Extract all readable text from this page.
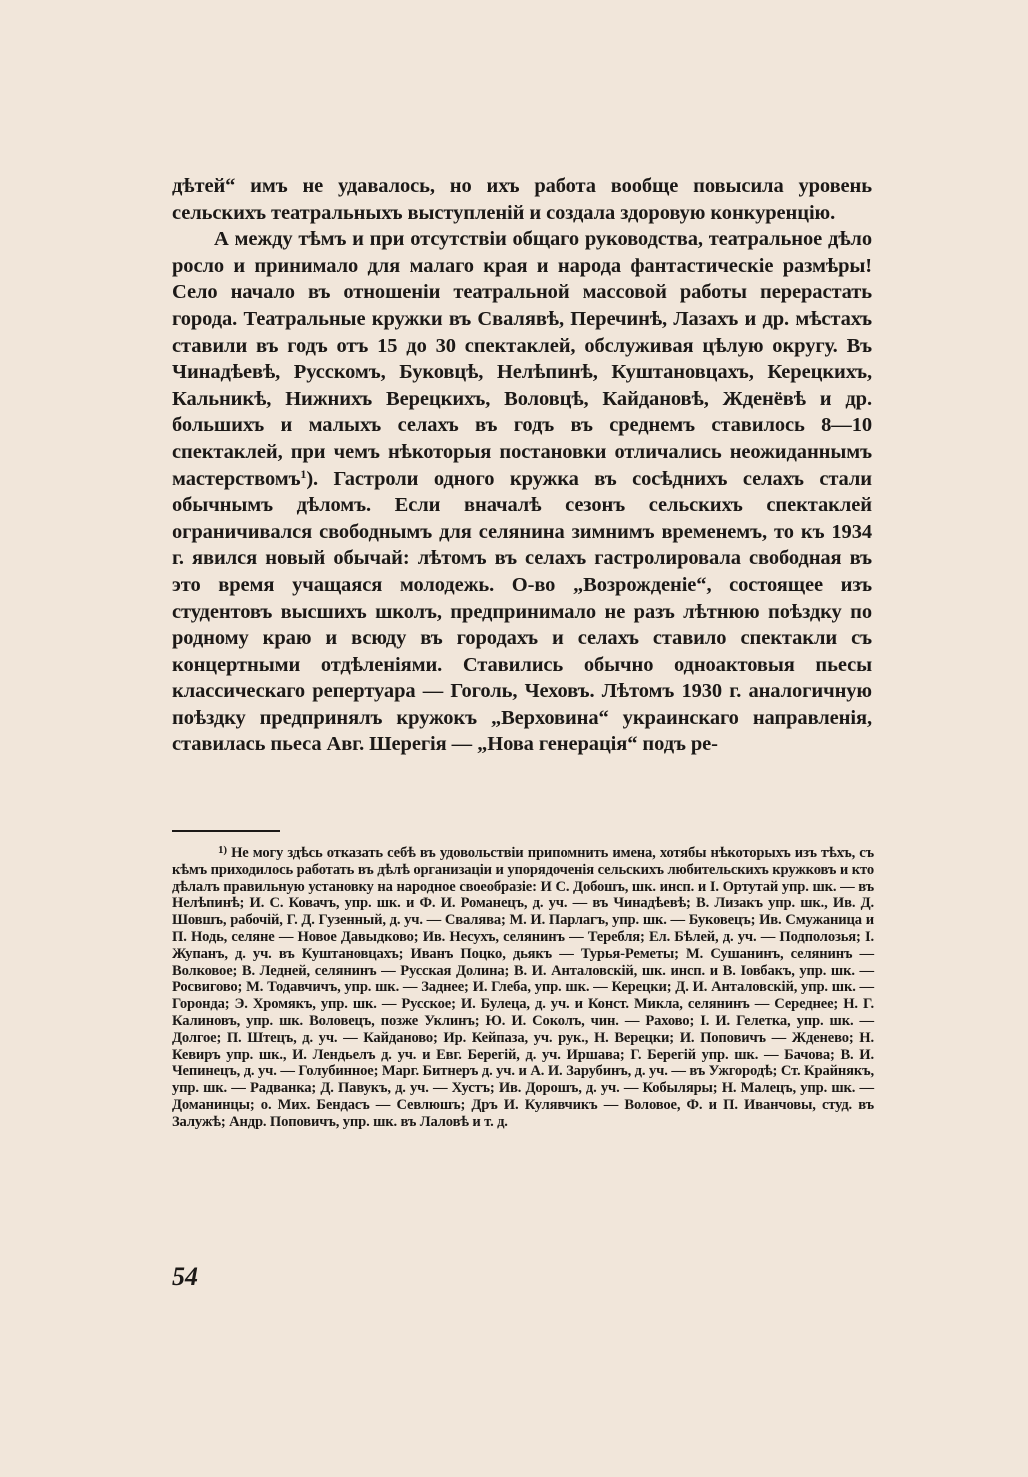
дѣтей“ имъ не удавалось, но ихъ работа вообще повысила уровень сельскихъ театральныхъ выступленій и создала здоровую конкуренцію.

А между тѣмъ и при отсутствіи общаго руководства, театральное дѣло росло и принимало для малаго края и народа фантастическіе размѣры! Село начало въ отношеніи театральной массовой работы перерастать города. Театральные кружки въ Свалявѣ, Перечинѣ, Лазахъ и др. мѣстахъ ставили въ годъ отъ 15 до 30 спектаклей, обслуживая цѣлую округу. Въ Чинадѣевѣ, Русскомъ, Буковцѣ, Нелѣпинѣ, Куштановцахъ, Керецкихъ, Кальникѣ, Нижнихъ Верецкихъ, Воловцѣ, Кайдановѣ, Жденёвѣ и др. большихъ и малыхъ селахъ въ годъ въ среднемъ ставилось 8—10 спектаклей, при чемъ нѣкоторыя постановки отличались неожиданнымъ мастерствомъ$^1$). Гастроли одного кружка въ сосѣднихъ селахъ стали обычнымъ дѣломъ. Если вначалѣ сезонъ сельскихъ спектаклей ограничивался свободнымъ для селянина зимнимъ временемъ, то къ 1934 г. явился новый обычай: лѣтомъ въ селахъ гастролировала свободная въ это время учащаяся молодежь. О-во „Возрожденіе“, состоящее изъ студентовъ высшихъ школъ, предпринимало не разъ лѣтнюю поѣздку по родному краю и всюду въ городахъ и селахъ ставило спектакли съ концертными отдѣленіями. Ставились обычно одноактовыя пьесы классическаго репертуара — Гоголь, Чеховъ. Лѣтомъ 1930 г. аналогичную поѣздку предпринялъ кружокъ „Верховина“ украинскаго направленія, ставилась пьеса Авг. Шерегія — „Нова генерація“ подъ ре-

$^{1)}$ Не могу здѣсь отказать себѣ въ удовольствіи припомнить имена, хотябы нѣкоторыхъ изъ тѣхъ, съ кѣмъ приходилось работать въ дѣлѣ организаціи и упорядоченія сельскихъ любительскихъ кружковъ и кто дѣлалъ правильную установку на народное своеобразіе: И С. Добошъ, шк. инсп. и І. Ортутай упр. шк. — въ Нелѣпинѣ; И. С. Ковачъ, упр. шк. и Ф. И. Романецъ, д. уч. — въ Чинадѣевѣ; В. Лизакъ упр. шк., Ив. Д. Шовшъ, рабочій, Г. Д. Гузенный, д. уч. — Свалява; М. И. Парлагъ, упр. шк. — Буковецъ; Ив. Смужаница и П. Нодь, селяне — Новое Давыдково; Ив. Несухъ, селянинъ — Теребля; Ел. Бѣлей, д. уч. — Подполозья; І. Жупанъ, д. уч. въ Куштановцахъ; Иванъ Поцко, дьякъ — Турья-Реметы; М. Сушанинъ, селянинъ — Волковое; В. Ледней, селянинъ — Русская Долина; В. И. Анталовскій, шк. инсп. и В. Іовбакъ, упр. шк. — Росвигово; М. Тодавчичъ, упр. шк. — Заднее; И. Глеба, упр. шк. — Керецки; Д. И. Анталовскій, упр. шк. — Горонда; Э. Хромякъ, упр. шк. — Русское; И. Булеца, д. уч. и Конст. Микла, селянинъ — Середнее; Н. Г. Калиновъ, упр. шк. Воловецъ, позже Уклинъ; Ю. И. Соколъ, чин. — Рахово; І. И. Гелетка, упр. шк. — Долгое; П. Штецъ, д. уч. — Кайданово; Ир. Кейпаза, уч. рук., Н. Верецки; И. Поповичъ — Жденево; Н. Кевиръ упр. шк., И. Лендьелъ д. уч. и Евг. Берегій, д. уч. Иршава; Г. Берегій упр. шк. — Бачова; В. И. Чепинецъ, д. уч. — Голубинное; Марг. Битнеръ д. уч. и А. И. Зарубинъ, д. уч. — въ Ужгородѣ; Ст. Крайнякъ, упр. шк. — Радванка; Д. Павукъ, д. уч. — Хустъ; Ив. Дорошъ, д. уч. — Кобыляры; Н. Малецъ, упр. шк. — Доманинцы; о. Мих. Бендасъ — Севлюшъ; Дръ И. Кулявчикъ — Воловое, Ф. и П. Иванчовы, студ. въ Залужѣ; Андр. Поповичъ, упр. шк. въ Лаловѣ и т. д.

54
